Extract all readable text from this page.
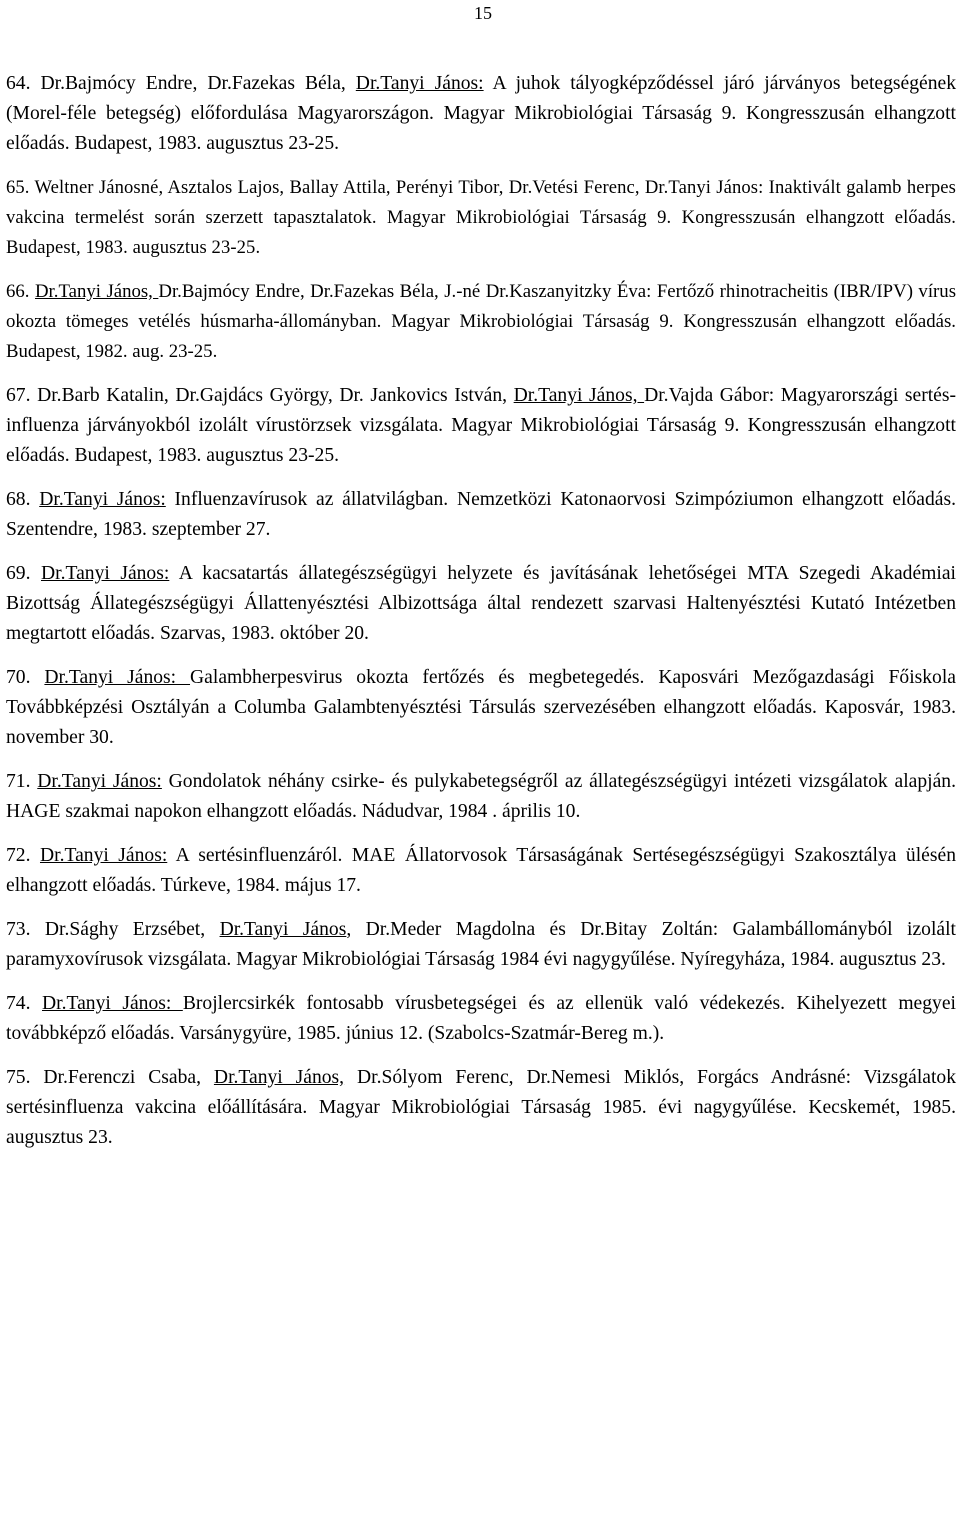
15

64. Dr.Bajmócy Endre, Dr.Fazekas Béla, Dr.Tanyi János: A juhok tályogképződéssel járó járványos betegségének (Morel-féle betegség) előfordulása Magyarországon. Magyar Mikrobiológiai Társaság 9. Kongresszusán elhangzott előadás. Budapest, 1983. augusztus 23-25.

65. Weltner Jánosné, Asztalos Lajos, Ballay Attila, Perényi Tibor, Dr.Vetési Ferenc, Dr.Tanyi János: Inaktivált galamb herpes vakcina termelést során szerzett tapasztalatok. Magyar Mikrobiológiai Társaság 9. Kongresszusán elhangzott előadás. Budapest, 1983. augusztus 23-25.

66. Dr.Tanyi János, Dr.Bajmócy Endre, Dr.Fazekas Béla, J.-né Dr.Kaszanyitzky Éva: Fertőző rhinotracheitis (IBR/IPV) vírus okozta tömeges vetélés húsmarha-állományban. Magyar Mikrobiológiai Társaság 9. Kongresszusán elhangzott előadás. Budapest, 1982. aug. 23-25.

67. Dr.Barb Katalin, Dr.Gajdács György, Dr. Jankovics István, Dr.Tanyi János, Dr.Vajda Gábor: Magyarországi sertés-influenza járványokból izolált vírustörzsek vizsgálata. Magyar Mikrobiológiai Társaság 9. Kongresszusán elhangzott előadás. Budapest, 1983. augusztus 23-25.

68. Dr.Tanyi János: Influenzavírusok az állatvilágban. Nemzetközi Katonaorvosi Szimpóziumon elhangzott előadás. Szentendre, 1983. szeptember 27.

69. Dr.Tanyi János: A kacsatartás állategészségügyi helyzete és javításának lehetőségei MTA Szegedi Akadémiai Bizottság Állategészségügyi Állattenyésztési Albizottsága által rendezett szarvasi Haltenyésztési Kutató Intézetben megtartott előadás. Szarvas, 1983. október 20.

70. Dr.Tanyi János: Galambherpesvirus okozta fertőzés és megbetegedés. Kaposvári Mezőgazdasági Főiskola Továbbképzési Osztályán a Columba Galambtenyésztési Társulás szervezésében elhangzott előadás. Kaposvár, 1983. november 30.

71. Dr.Tanyi János: Gondolatok néhány csirke- és pulykabetegségről az állategészségügyi intézeti vizsgálatok alapján. HAGE szakmai napokon elhangzott előadás. Nádudvar, 1984 . április 10.

72. Dr.Tanyi János: A sertésinfluenzáról. MAE Állatorvosok Társaságának Sertésegészségügyi Szakosztálya ülésén elhangzott előadás. Túrkeve, 1984. május 17.

73. Dr.Sághy Erzsébet, Dr.Tanyi János, Dr.Meder Magdolna és Dr.Bitay Zoltán: Galambállományból izolált paramyxovírusok vizsgálata. Magyar Mikrobiológiai Társaság 1984 évi nagygyűlése. Nyíregyháza, 1984. augusztus 23.

74. Dr.Tanyi János: Brojlercsirkék fontosabb vírusbetegségei és az ellenük való védekezés. Kihelyezett megyei továbbképző előadás. Varsánygyüre, 1985. június 12. (Szabolcs-Szatmár-Bereg m.).

75. Dr.Ferenczi Csaba, Dr.Tanyi János, Dr.Sólyom Ferenc, Dr.Nemesi Miklós, Forgács Andrásné: Vizsgálatok sertésinfluenza vakcina előállítására. Magyar Mikrobiológiai Társaság 1985. évi nagygyűlése. Kecskemét, 1985. augusztus 23.
